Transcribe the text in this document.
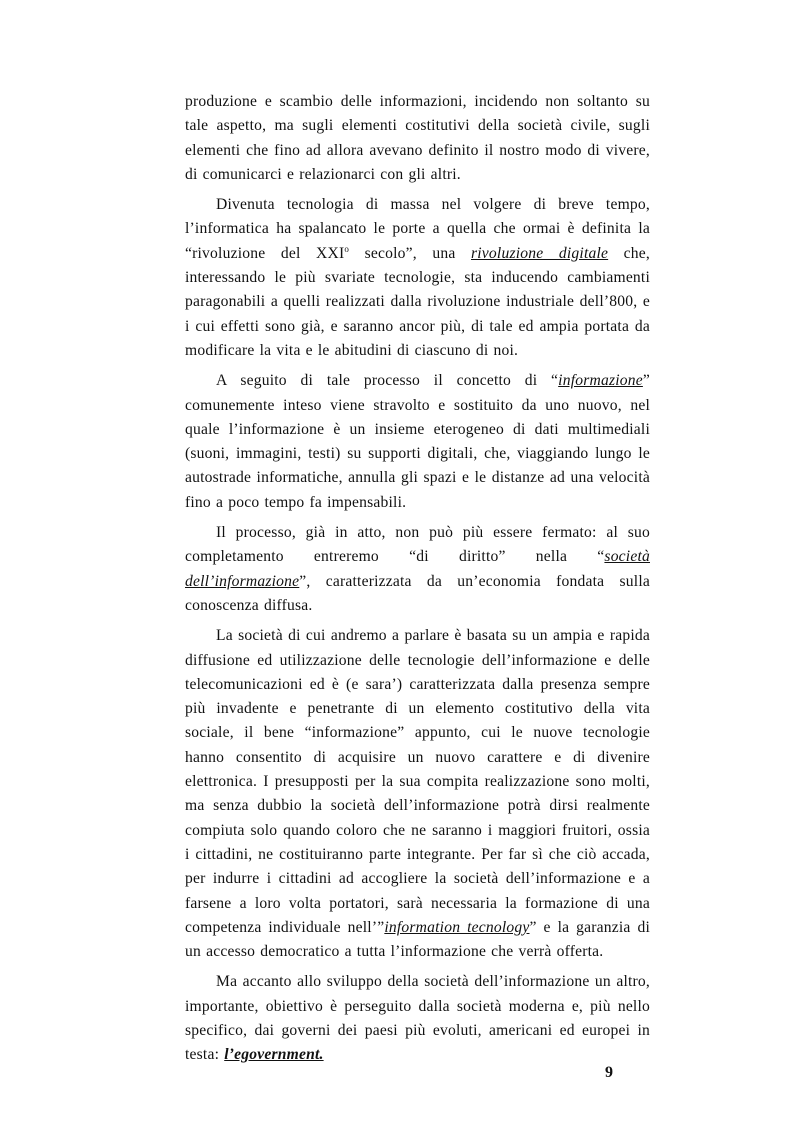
produzione e scambio delle informazioni, incidendo non soltanto su tale aspetto, ma sugli elementi costitutivi della società civile, sugli elementi che fino ad allora avevano definito il nostro modo di vivere, di comunicarci e relazionarci con gli altri.

Divenuta tecnologia di massa nel volgere di breve tempo, l’informatica ha spalancato le porte a quella che ormai è definita la “rivoluzione del XXI$^o$ secolo”, una rivoluzione digitale che, interessando le più svariate tecnologie, sta inducendo cambiamenti paragonabili a quelli realizzati dalla rivoluzione industriale dell’800, e i cui effetti sono già, e saranno ancor più, di tale ed ampia portata da modificare la vita e le abitudini di ciascuno di noi.

A seguito di tale processo il concetto di “informazione” comunemente inteso viene stravolto e sostituito da uno nuovo, nel quale l’informazione è un insieme eterogeneo di dati multimediali (suoni, immagini, testi) su supporti digitali, che, viaggiando lungo le autostrade informatiche, annulla gli spazi e le distanze ad una velocità fino a poco tempo fa impensabili.

Il processo, già in atto, non può più essere fermato: al suo completamento entreremo “di diritto” nella “società dell’informazione”, caratterizzata da un’economia fondata sulla conoscenza diffusa.

La società di cui andremo a parlare è basata su un ampia e rapida diffusione ed utilizzazione delle tecnologie dell’informazione e delle telecomunicazioni ed è (e sara’) caratterizzata dalla presenza sempre più invadente e penetrante di un elemento costitutivo della vita sociale, il bene “informazione” appunto, cui le nuove tecnologie hanno consentito di acquisire un nuovo carattere e di divenire elettronica. I presupposti per la sua compita realizzazione sono molti, ma senza dubbio la società dell’informazione potrà dirsi realmente compiuta solo quando coloro che ne saranno i maggiori fruitori, ossia i cittadini, ne costituiranno parte integrante. Per far sì che ciò accada, per indurre i cittadini ad accogliere la società dell’informazione e a farsene a loro volta portatori, sarà necessaria la formazione di una competenza individuale nell’”information tecnology” e la garanzia di un accesso democratico a tutta l’informazione che verrà offerta.

Ma accanto allo sviluppo della società dell’informazione un altro, importante, obiettivo è perseguito dalla società moderna e, più nello specifico, dai governi dei paesi più evoluti, americani ed europei in testa: l’egovernment.

9
